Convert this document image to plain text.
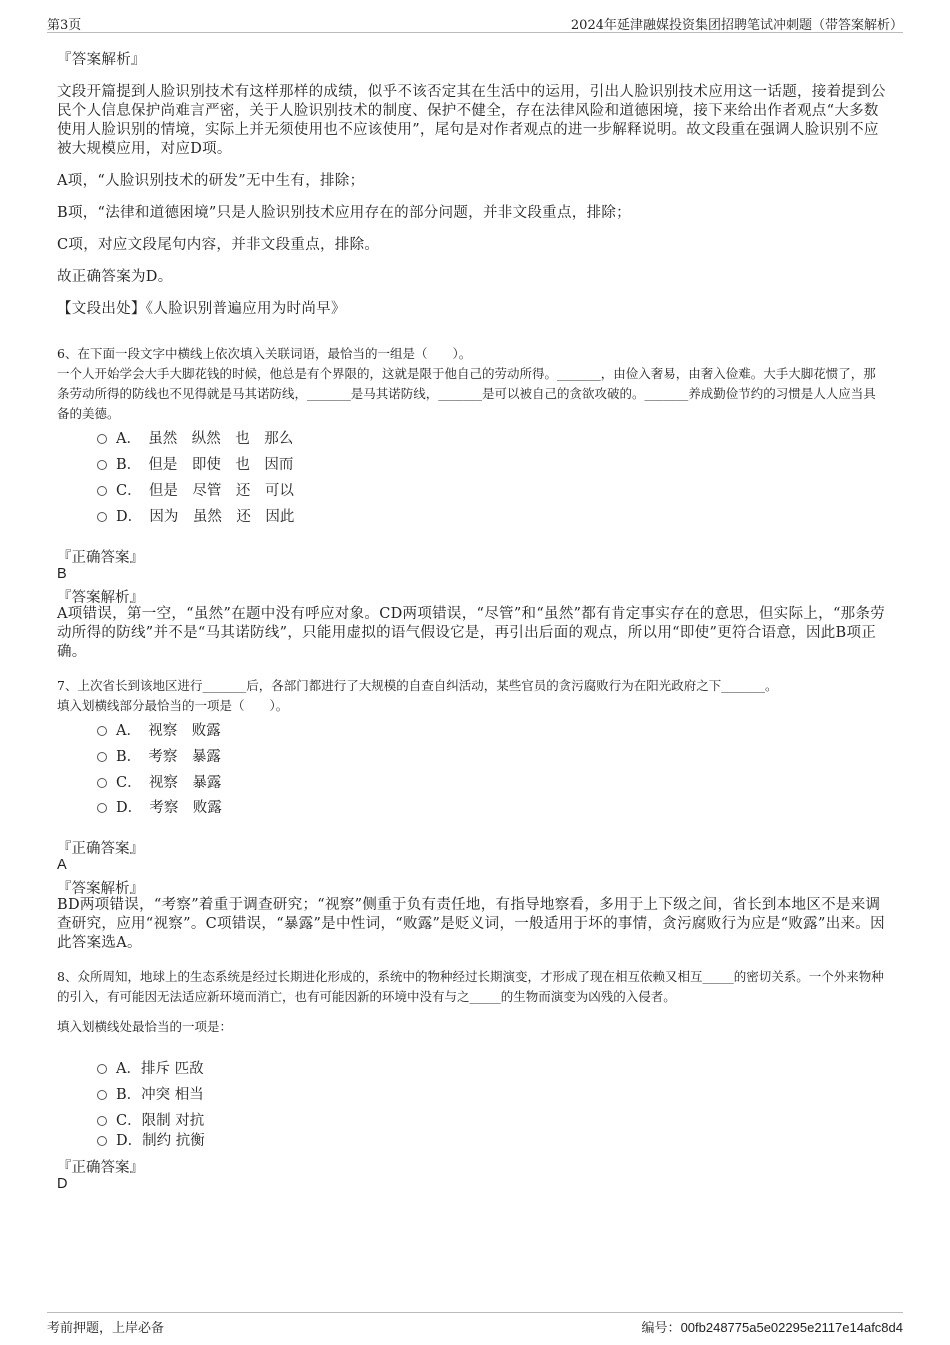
第3页	2024年延津融媒投资集团招聘笔试冲刺题（带答案解析）

『答案解析』

文段开篇提到人脸识别技术有这样那样的成绩，似乎不该否定其在生活中的运用，引出人脸识别技术应用这一话题，接着提到公民个人信息保护尚难言严密，关于人脸识别技术的制度、保护不健全，存在法律风险和道德困境，接下来给出作者观点“大多数使用人脸识别的情境，实际上并无须使用也不应该使用”，尾句是对作者观点的进一步解释说明。故文段重在强调人脸识别不应被大规模应用，对应D项。

A项，“人脸识别技术的研发”无中生有，排除；

B项，“法律和道德困境”只是人脸识别技术应用存在的部分问题，并非文段重点，排除；

C项，对应文段尾句内容，并非文段重点，排除。

故正确答案为D。

【文段出处】《人脸识别普遍应用为时尚早》

6、在下面一段文字中横线上依次填入关联词语，最恰当的一组是（　　）。

一个人开始学会大手大脚花钱的时候，他总是有个界限的，这就是限于他自己的劳动所得。_______，由俭入奢易，由奢入俭难。大手大脚花惯了，那条劳动所得的防线也不见得就是马其诺防线，_______是马其诺防线，_______是可以被自己的贪欲攻破的。_______养成勤俭节约的习惯是人人应当具备的美德。

A．　虽然　纵然　也　那么
B．　但是　即使　也　因而
C．　但是　尽管　还　可以
D．　因为　虽然　还　因此
『正确答案』
B
『答案解析』
A项错误，第一空，“虽然”在题中没有呼应对象。CD两项错误，“尽管”和“虽然”都有肯定事实存在的意思，但实际上，“那条劳动所得的防线”并不是“马其诺防线”，只能用虚拟的语气假设它是，再引出后面的观点，所以用“即使”更符合语意，因此B项正确。

7、上次省长到该地区进行_______后，各部门都进行了大规模的自查自纠活动，某些官员的贪污腐败行为在阳光政府之下_______。

填入划横线部分最恰当的一项是（　　）。

A．　视察　败露
B．　考察　暴露
C．　视察　暴露
D．　考察　败露
『正确答案』
A
『答案解析』
BD两项错误，“考察”着重于调查研究；“视察”侧重于负有责任地，有指导地察看，多用于上下级之间，省长到本地区不是来调查研究，应用“视察”。C项错误，“暴露”是中性词，“败露”是贬义词，一般适用于坏的事情，贪污腐败行为应是“败露”出来。因此答案选A。

8、众所周知，地球上的生态系统是经过长期进化形成的，系统中的物种经过长期演变，才形成了现在相互依赖又相互_____的密切关系。一个外来物种的引入，有可能因无法适应新环境而消亡，也有可能因新的环境中没有与之_____的生物而演变为凶残的入侵者。

填入划横线处最恰当的一项是：

A．排斥 匹敌
B．冲突 相当
C．限制 对抗
D．制约 抗衡
『正确答案』
D
考前押题，上岸必备	编号：00fb248775a5e02295e2117e14afc8d4
